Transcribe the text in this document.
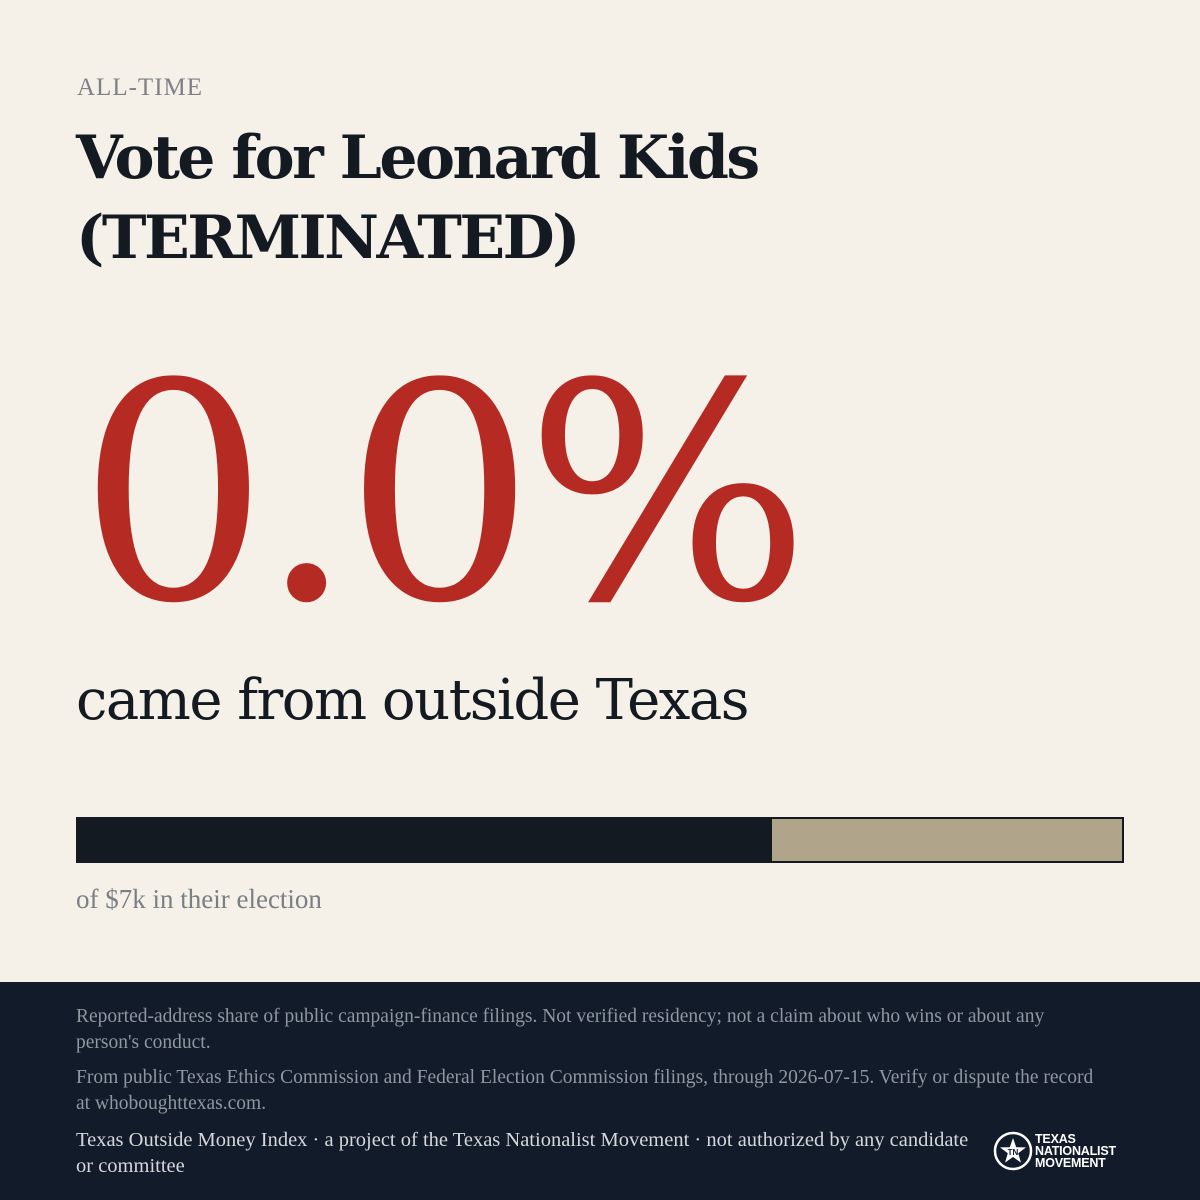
ALL-TIME
Vote for Leonard Kids (TERMINATED)
0.0%
came from outside Texas
of $7k in their election

Reported-address share of public campaign-finance filings. Not verified residency; not a claim about who wins or about any person's conduct.

From public Texas Ethics Commission and Federal Election Commission filings, through 2026-07-15. Verify or dispute the record at whoboughttexas.com.

Texas Outside Money Index · a project of the Texas Nationalist Movement · not authorized by any candidate or committee

TN
TEXAS
NATIONALIST
MOVEMENT
